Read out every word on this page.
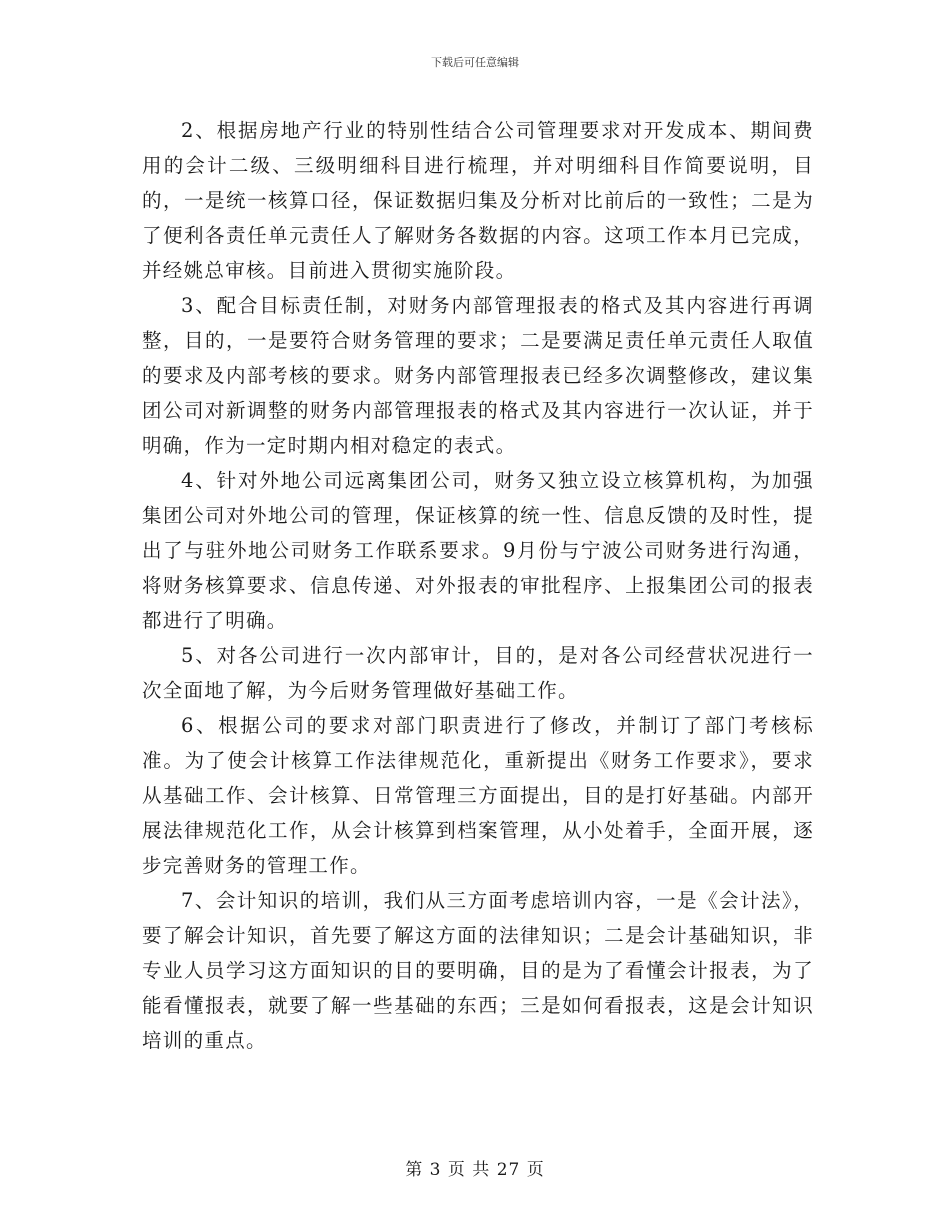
下载后可任意编辑

2、根据房地产行业的特别性结合公司管理要求对开发成本、期间费用的会计二级、三级明细科目进行梳理，并对明细科目作简要说明，目的，一是统一核算口径，保证数据归集及分析对比前后的一致性；二是为了便利各责任单元责任人了解财务各数据的内容。这项工作本月已完成，并经姚总审核。目前进入贯彻实施阶段。

3、配合目标责任制，对财务内部管理报表的格式及其内容进行再调整，目的，一是要符合财务管理的要求；二是要满足责任单元责任人取值的要求及内部考核的要求。财务内部管理报表已经多次调整修改，建议集团公司对新调整的财务内部管理报表的格式及其内容进行一次认证，并于明确，作为一定时期内相对稳定的表式。

4、针对外地公司远离集团公司，财务又独立设立核算机构，为加强集团公司对外地公司的管理，保证核算的统一性、信息反馈的及时性，提出了与驻外地公司财务工作联系要求。9月份与宁波公司财务进行沟通，将财务核算要求、信息传递、对外报表的审批程序、上报集团公司的报表都进行了明确。

5、对各公司进行一次内部审计，目的，是对各公司经营状况进行一次全面地了解，为今后财务管理做好基础工作。

6、根据公司的要求对部门职责进行了修改，并制订了部门考核标准。为了使会计核算工作法律规范化，重新提出《财务工作要求》，要求从基础工作、会计核算、日常管理三方面提出，目的是打好基础。内部开展法律规范化工作，从会计核算到档案管理，从小处着手，全面开展，逐步完善财务的管理工作。

7、会计知识的培训，我们从三方面考虑培训内容，一是《会计法》，要了解会计知识，首先要了解这方面的法律知识；二是会计基础知识，非专业人员学习这方面知识的目的要明确，目的是为了看懂会计报表，为了能看懂报表，就要了解一些基础的东西；三是如何看报表，这是会计知识培训的重点。

第 3 页 共 27 页
